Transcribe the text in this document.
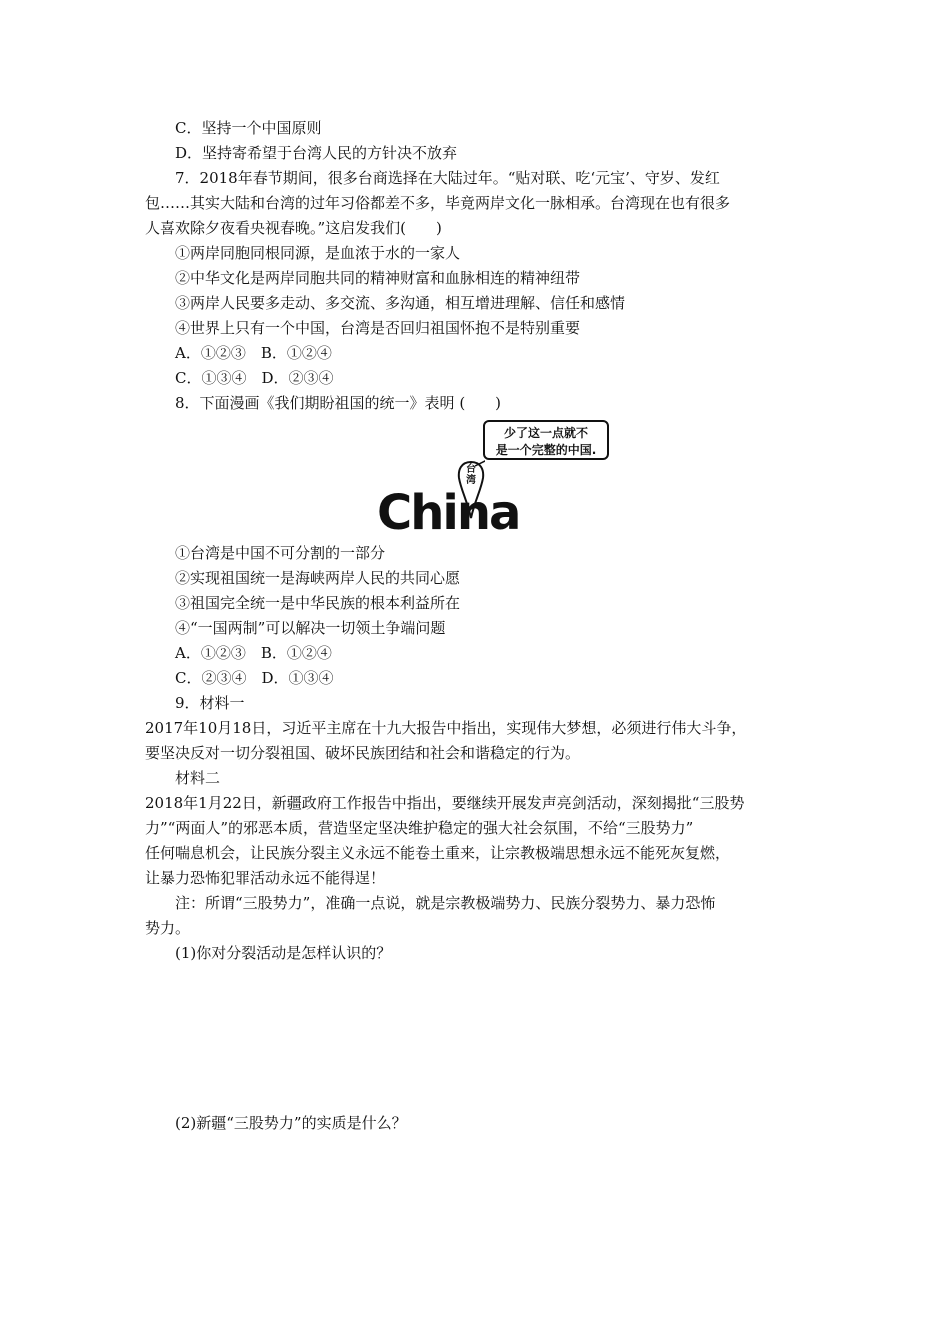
C．坚持一个中国原则
D．坚持寄希望于台湾人民的方针决不放弃
7．2018年春节期间，很多台商选择在大陆过年。“贴对联、吃‘元宝’、守岁、发红
包……其实大陆和台湾的过年习俗都差不多，毕竟两岸文化一脉相承。台湾现在也有很多
人喜欢除夕夜看央视春晚。”这启发我们(　　)
①两岸同胞同根同源，是血浓于水的一家人
②中华文化是两岸同胞共同的精神财富和血脉相连的精神纽带
③两岸人民要多走动、多交流、多沟通，相互增进理解、信任和感情
④世界上只有一个中国，台湾是否回归祖国怀抱不是特别重要
A．①②③　B．①②④
C．①③④　D．②③④
8．下面漫画《我们期盼祖国的统一》表明 (　　)
少了这一点就不
是一个完整的中国.
台
湾
China
①台湾是中国不可分割的一部分
②实现祖国统一是海峡两岸人民的共同心愿
③祖国完全统一是中华民族的根本利益所在
④“一国两制”可以解决一切领土争端问题
A．①②③　B．①②④
C．②③④　D．①③④
9．材料一
2017年10月18日，习近平主席在十九大报告中指出，实现伟大梦想，必须进行伟大斗争，
要坚决反对一切分裂祖国、破坏民族团结和社会和谐稳定的行为。
材料二
2018年1月22日，新疆政府工作报告中指出，要继续开展发声亮剑活动，深刻揭批“三股势
力”“两面人”的邪恶本质，营造坚定坚决维护稳定的强大社会氛围，不给“三股势力”
任何喘息机会，让民族分裂主义永远不能卷土重来，让宗教极端思想永远不能死灰复燃，
让暴力恐怖犯罪活动永远不能得逞！
注：所谓“三股势力”，准确一点说，就是宗教极端势力、民族分裂势力、暴力恐怖
势力。
(1)你对分裂活动是怎样认识的？
(2)新疆“三股势力”的实质是什么？
